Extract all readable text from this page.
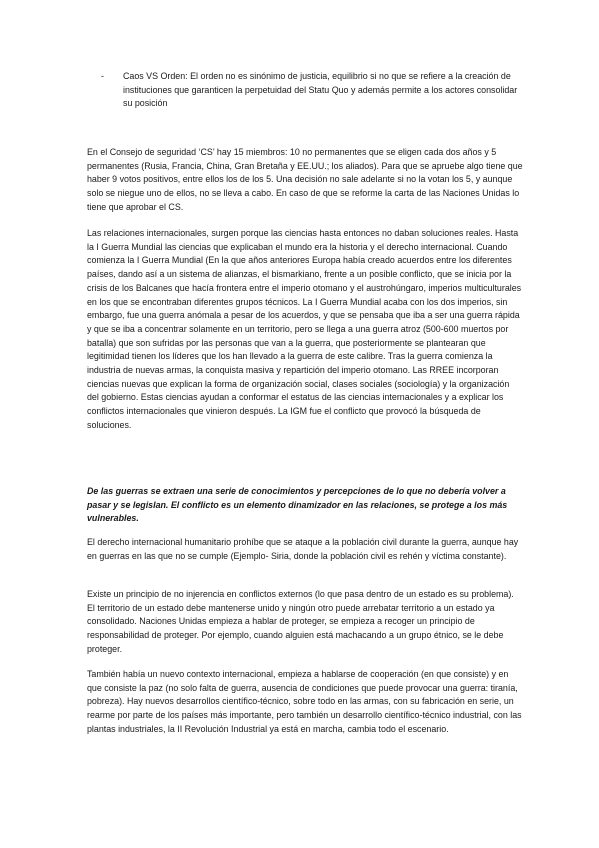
- Caos VS Orden: El orden no es sinónimo de justicia, equilibrio si no que se refiere a la creación de instituciones que garanticen la perpetuidad del Statu Quo y además permite a los actores consolidar su posición

En el Consejo de seguridad ‘CS’ hay 15 miembros: 10 no permanentes que se eligen cada dos años y 5 permanentes (Rusia, Francia, China, Gran Bretaña y EE.UU.; los aliados). Para que se apruebe algo tiene que haber 9 votos positivos, entre ellos los de los 5. Una decisión no sale adelante si no la votan los 5, y aunque solo se niegue uno de ellos, no se lleva a cabo. En caso de que se reforme la carta de las Naciones Unidas lo tiene que aprobar el CS.

Las relaciones internacionales, surgen porque las ciencias hasta entonces no daban soluciones reales. Hasta la I Guerra Mundial las ciencias que explicaban el mundo era la historia y el derecho internacional. Cuando comienza la I Guerra Mundial (En la que años anteriores Europa había creado acuerdos entre los diferentes países, dando así a un sistema de alianzas, el bismarkiano, frente a un posible conflicto, que se inicia por la crisis de los Balcanes que hacía frontera entre el imperio otomano y el austrohúngaro, imperios multiculturales en los que se encontraban diferentes grupos técnicos. La I Guerra Mundial acaba con los dos imperios, sin embargo, fue una guerra anómala a pesar de los acuerdos, y que se pensaba que iba a ser una guerra rápida y que se iba a concentrar solamente en un territorio, pero se llega a una guerra atroz (500-600 muertos por batalla) que son sufridas por las personas que van a la guerra, que posteriormente se plantearan que legitimidad tienen los líderes que los han llevado a la guerra de este calibre. Tras la guerra comienza la industria de nuevas armas, la conquista masiva y repartición del imperio otomano. Las RREE incorporan ciencias nuevas que explican la forma de organización social, clases sociales (sociología) y la organización del gobierno. Estas ciencias ayudan a conformar el estatus de las ciencias internacionales y a explicar los conflictos internacionales que vinieron después. La IGM fue el conflicto que provocó la búsqueda de soluciones.

De las guerras se extraen una serie de conocimientos y percepciones de lo que no debería volver a pasar y se legislan. El conflicto es un elemento dinamizador en las relaciones, se protege a los más vulnerables.

El derecho internacional humanitario prohíbe que se ataque a la población civil durante la guerra, aunque hay en guerras en las que no se cumple (Ejemplo- Siria, donde la población civil es rehén y víctima constante).

Existe un principio de no injerencia en conflictos externos (lo que pasa dentro de un estado es su problema). El territorio de un estado debe mantenerse unido y ningún otro puede arrebatar territorio a un estado ya consolidado. Naciones Unidas empieza a hablar de proteger, se empieza a recoger un principio de responsabilidad de proteger. Por ejemplo, cuando alguien está machacando a un grupo étnico, se le debe proteger.

También había un nuevo contexto internacional, empieza a hablarse de cooperación (en que consiste) y en que consiste la paz (no solo falta de guerra, ausencia de condiciones que puede provocar una guerra: tiranía, pobreza). Hay nuevos desarrollos científico-técnico, sobre todo en las armas, con su fabricación en serie, un rearme por parte de los países más importante, pero también un desarrollo científico-técnico industrial, con las plantas industriales, la II Revolución Industrial ya está en marcha, cambia todo el escenario.
